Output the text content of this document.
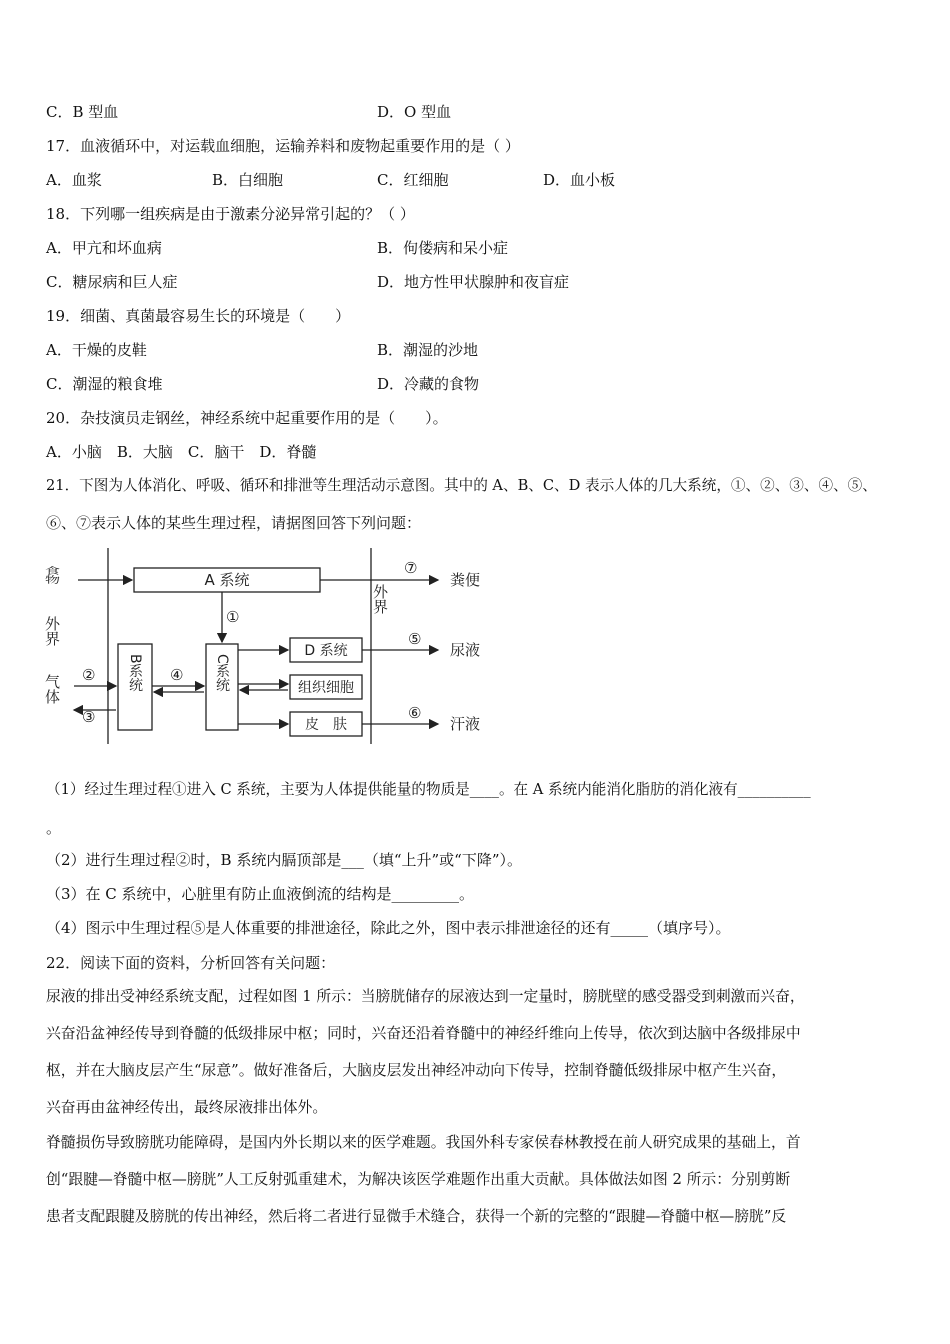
C．B 型血	D．O 型血
17．血液循环中，对运载血细胞，运输养料和废物起重要作用的是（ ）
A．血浆	B．白细胞	C．红细胞	D．血小板
18．下列哪一组疾病是由于激素分泌异常引起的？（ ）
A．甲亢和坏血病	B．佝偻病和呆小症
C．糖尿病和巨人症	D．地方性甲状腺肿和夜盲症
19．细菌、真菌最容易生长的环境是（　　）
A．干燥的皮鞋	B．潮湿的沙地
C．潮湿的粮食堆	D．冷藏的食物
20．杂技演员走钢丝，神经系统中起重要作用的是（　　）。
A．小脑　B．大脑　C．脑干　D．脊髓
21．下图为人体消化、呼吸、循环和排泄等生理活动示意图。其中的 A、B、C、D 表示人体的几大系统，①、②、③、④、⑤、
⑥、⑦表示人体的某些生理过程，请据图回答下列问题：
食物
外界
气体
外界
A 系统
B系统	C系统
D 系统
组织细胞
皮　肤
①
②
③
④
⑤
⑥
⑦
粪便
尿液
汗液
（1）经过生理过程①进入 C 系统，主要为人体提供能量的物质是____。在 A 系统内能消化脂肪的消化液有__________
。
（2）进行生理过程②时，B 系统内膈顶部是___（填“上升”或“下降”）。
（3）在 C 系统中，心脏里有防止血液倒流的结构是_________。
（4）图示中生理过程⑤是人体重要的排泄途径，除此之外，图中表示排泄途径的还有_____（填序号）。
22．阅读下面的资料，分析回答有关问题：
尿液的排出受神经系统支配，过程如图 1 所示：当膀胱储存的尿液达到一定量时，膀胱壁的感受器受到刺激而兴奋，
兴奋沿盆神经传导到脊髓的低级排尿中枢；同时，兴奋还沿着脊髓中的神经纤维向上传导，依次到达脑中各级排尿中
枢，并在大脑皮层产生“尿意”。做好准备后，大脑皮层发出神经冲动向下传导，控制脊髓低级排尿中枢产生兴奋，
兴奋再由盆神经传出，最终尿液排出体外。
脊髓损伤导致膀胱功能障碍，是国内外长期以来的医学难题。我国外科专家侯春林教授在前人研究成果的基础上，首
创“跟腱—脊髓中枢—膀胱”人工反射弧重建术，为解决该医学难题作出重大贡献。具体做法如图 2 所示：分别剪断
患者支配跟腱及膀胱的传出神经，然后将二者进行显微手术缝合，获得一个新的完整的“跟腱—脊髓中枢—膀胱”反
